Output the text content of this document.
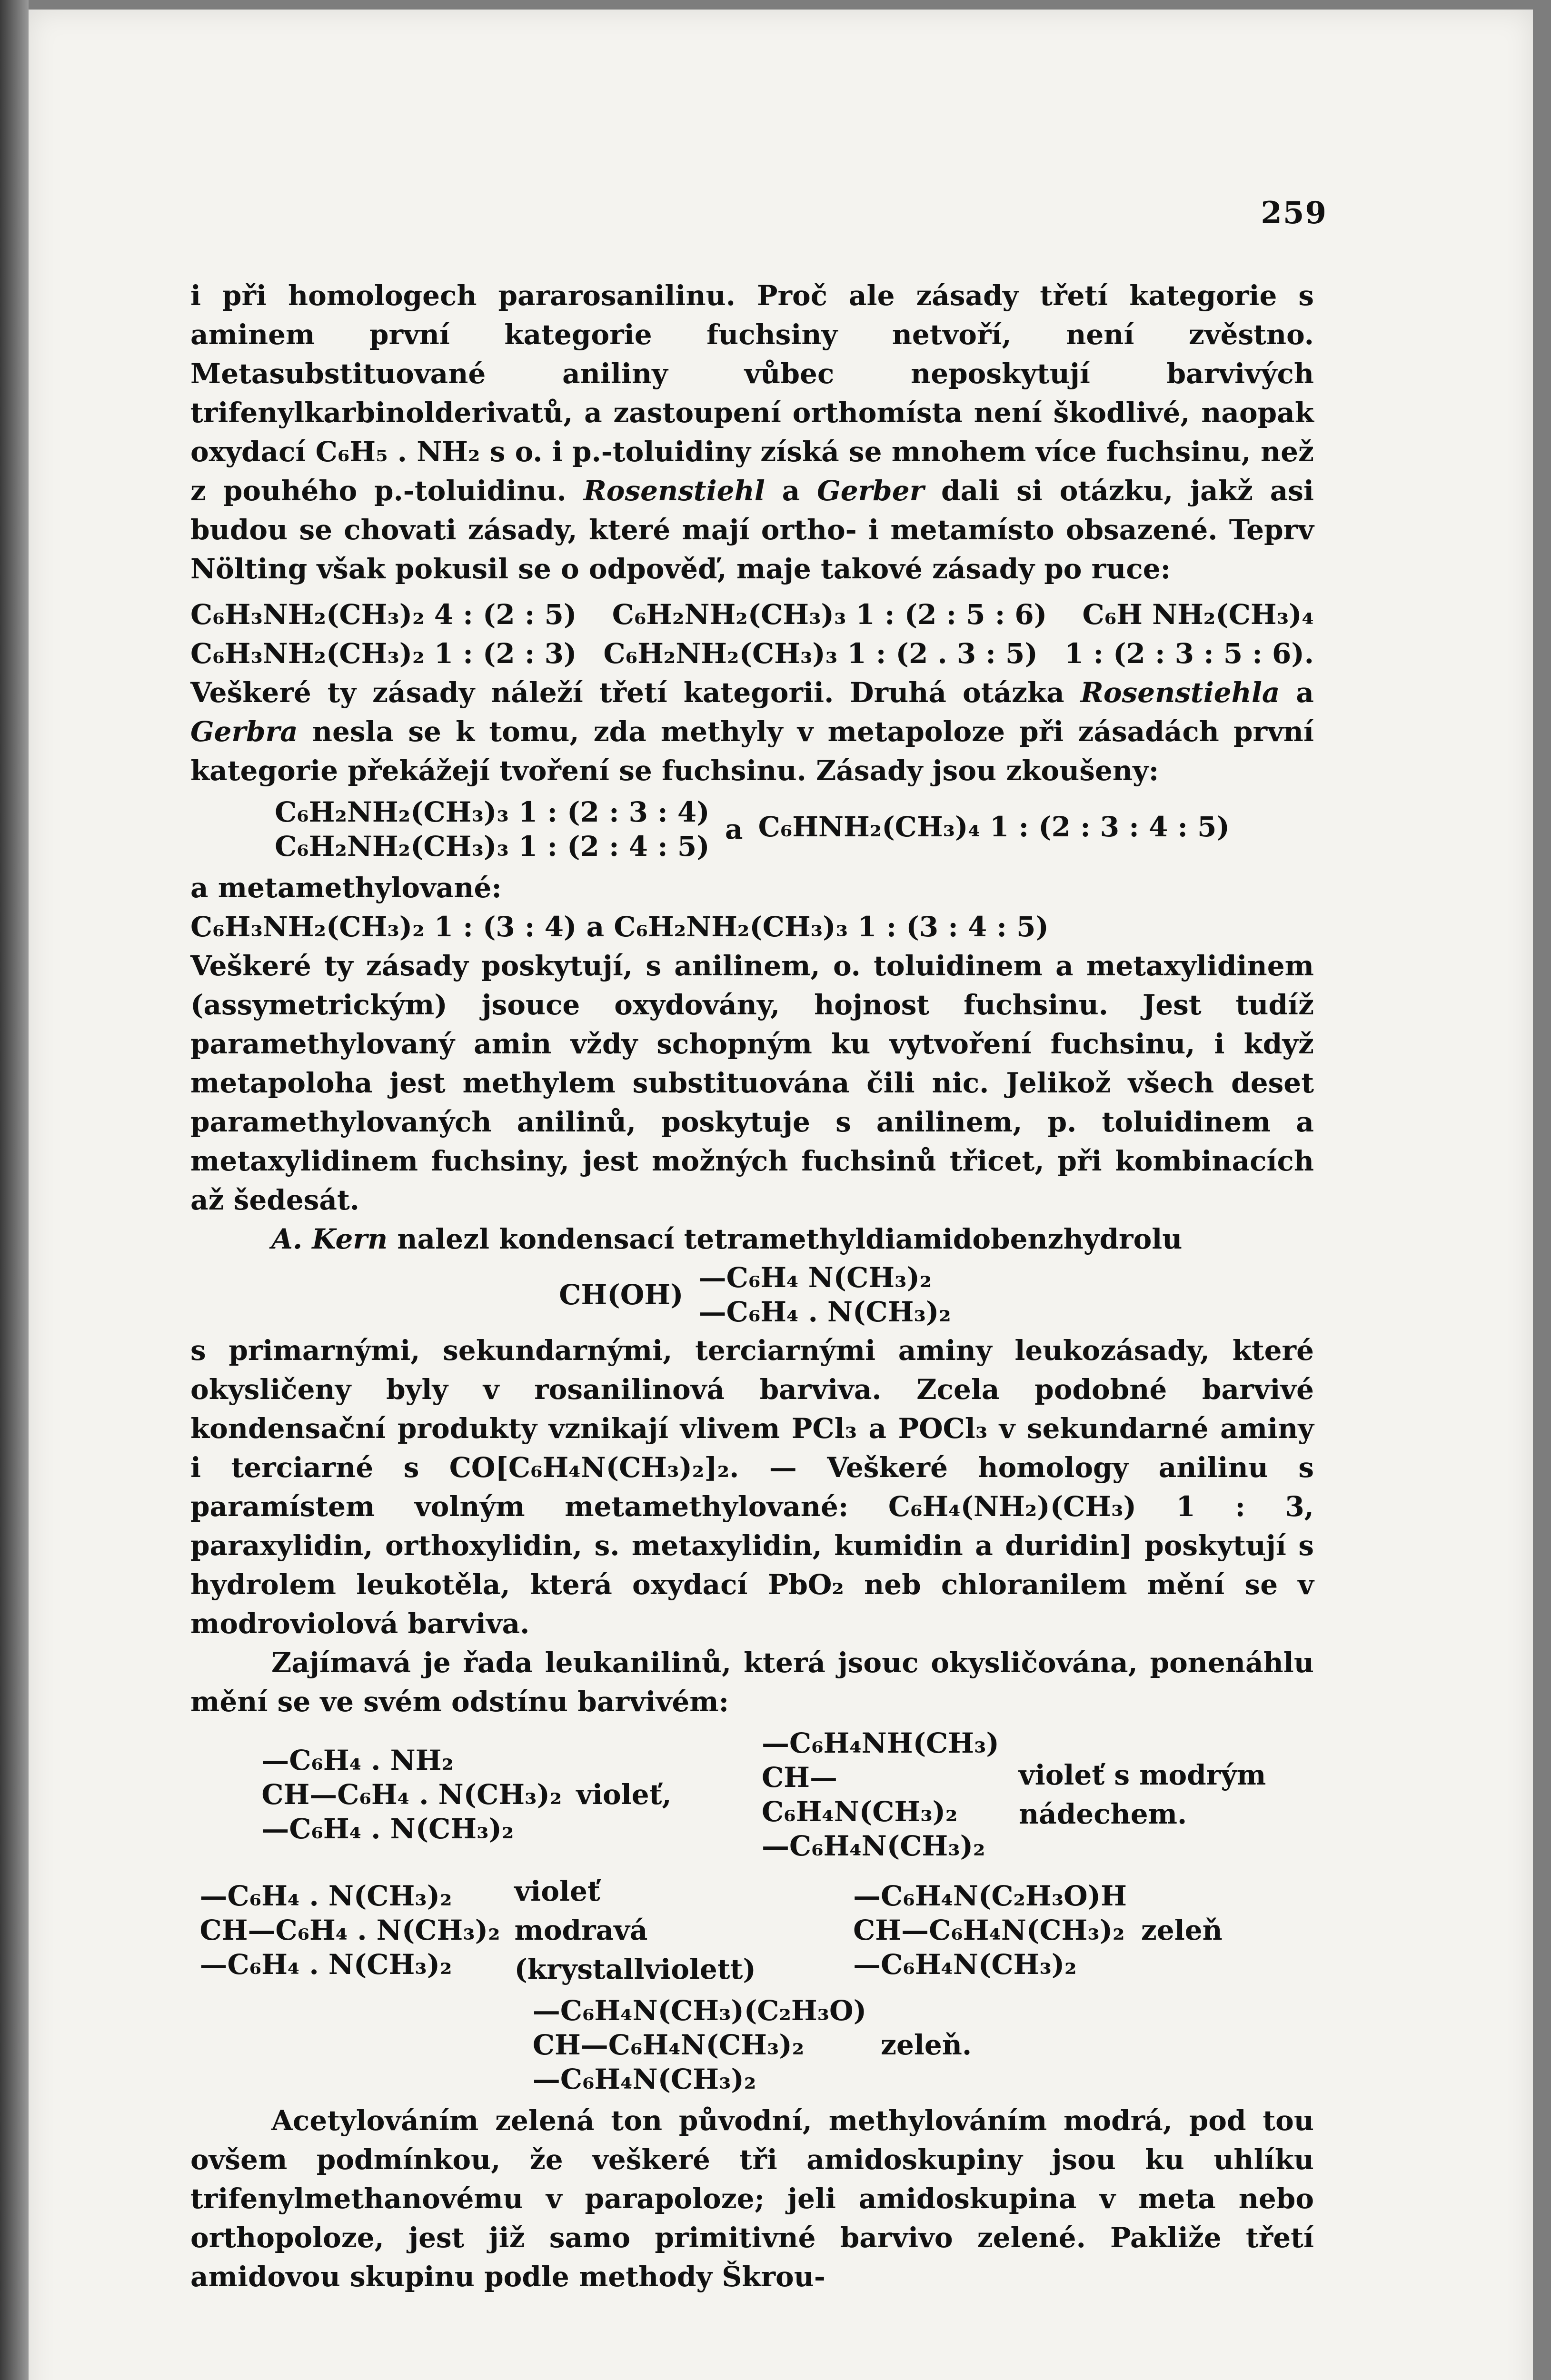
259

i při homologech pararosanilinu. Proč ale zásady třetí kategorie s aminem první kategorie fuchsiny netvoří, není zvěstno. Metasubstituované aniliny vůbec neposkytují barvivých trifenylkarbinolderivatů, a zastoupení orthomísta není škodlivé, naopak oxydací C₆H₅ . NH₂ s o. i p.-toluidiny získá se mnohem více fuchsinu, než z pouhého p.-toluidinu. Rosenstiehl a Gerber dali si otázku, jakž asi budou se chovati zásady, které mají ortho- i metamísto obsazené. Teprv Nölting však pokusil se o odpověď, maje takové zásady po ruce:

C₆H₃NH₂(CH₃)₂ 4 : (2 : 5) C₆H₂NH₂(CH₃)₃ 1 : (2 : 5 : 6) C₆H NH₂(CH₃)₄
C₆H₃NH₂(CH₃)₂ 1 : (2 : 3) C₆H₂NH₂(CH₃)₃ 1 : (2 . 3 : 5) 1 : (2 : 3 : 5 : 6).

Veškeré ty zásady náleží třetí kategorii. Druhá otázka Rosenstiehla a Gerbra nesla se k tomu, zda methyly v metapoloze při zásadách první kategorie překážejí tvoření se fuchsinu. Zásady jsou zkoušeny:

C₆H₂NH₂(CH₃)₃ 1 : (2 : 3 : 4)
C₆H₂NH₂(CH₃)₃ 1 : (2 : 4 : 5)
a C₆HNH₂(CH₃)₄ 1 : (2 : 3 : 4 : 5)

a metamethylované:

C₆H₃NH₂(CH₃)₂ 1 : (3 : 4) a C₆H₂NH₂(CH₃)₃ 1 : (3 : 4 : 5)

Veškeré ty zásady poskytují, s anilinem, o. toluidinem a metaxylidinem (assymetrickým) jsouce oxydovány, hojnost fuchsinu. Jest tudíž paramethylovaný amin vždy schopným ku vytvoření fuchsinu, i když metapoloha jest methylem substituována čili nic. Jelikož všech deset paramethylovaných anilinů, poskytuje s anilinem, p. toluidinem a metaxylidinem fuchsiny, jest možných fuchsinů třicet, při kombinacích až šedesát.

A. Kern nalezl kondensací tetramethyldiamidobenzhydrolu

CH(OH)
—C₆H₄ N(CH₃)₂
—C₆H₄ . N(CH₃)₂

s primarnými, sekundarnými, terciarnými aminy leukozásady, které okysličeny byly v rosanilinová barviva. Zcela podobné barvivé kondensační produkty vznikají vlivem PCl₃ a POCl₃ v sekundarné aminy i terciarné s CO[C₆H₄N(CH₃)₂]₂. — Veškeré homology anilinu s paramístem volným metamethylované: C₆H₄(NH₂)(CH₃) 1 : 3, paraxylidin, orthoxylidin, s. metaxylidin, kumidin a duridin] poskytují s hydrolem leukotěla, která oxydací PbO₂ neb chloranilem mění se v modroviolová barviva.

Zajímavá je řada leukanilinů, která jsouc okysličována, ponenáhlu mění se ve svém odstínu barvivém:

—C₆H₄ . NH₂
CH—C₆H₄ . N(CH₃)₂
—C₆H₄ . N(CH₃)₂
violeť,
—C₆H₄NH(CH₃)
CH—C₆H₄N(CH₃)₂
—C₆H₄N(CH₃)₂
violeť s modrým nádechem.
—C₆H₄ . N(CH₃)₂
CH—C₆H₄ . N(CH₃)₂
—C₆H₄ . N(CH₃)₂
violeť modravá (krystallviolett)
—C₆H₄N(C₂H₃O)H
CH—C₆H₄N(CH₃)₂
—C₆H₄N(CH₃)₂
zeleň
—C₆H₄N(CH₃)(C₂H₃O)
CH—C₆H₄N(CH₃)₂
—C₆H₄N(CH₃)₂
zeleň.

Acetylováním zelená ton původní, methylováním modrá, pod tou ovšem podmínkou, že veškeré tři amidoskupiny jsou ku uhlíku trifenylmethanovému v parapoloze; jeli amidoskupina v meta nebo orthopoloze, jest již samo primitivné barvivo zelené. Pakliže třetí amidovou skupinu podle methody Škrou-
